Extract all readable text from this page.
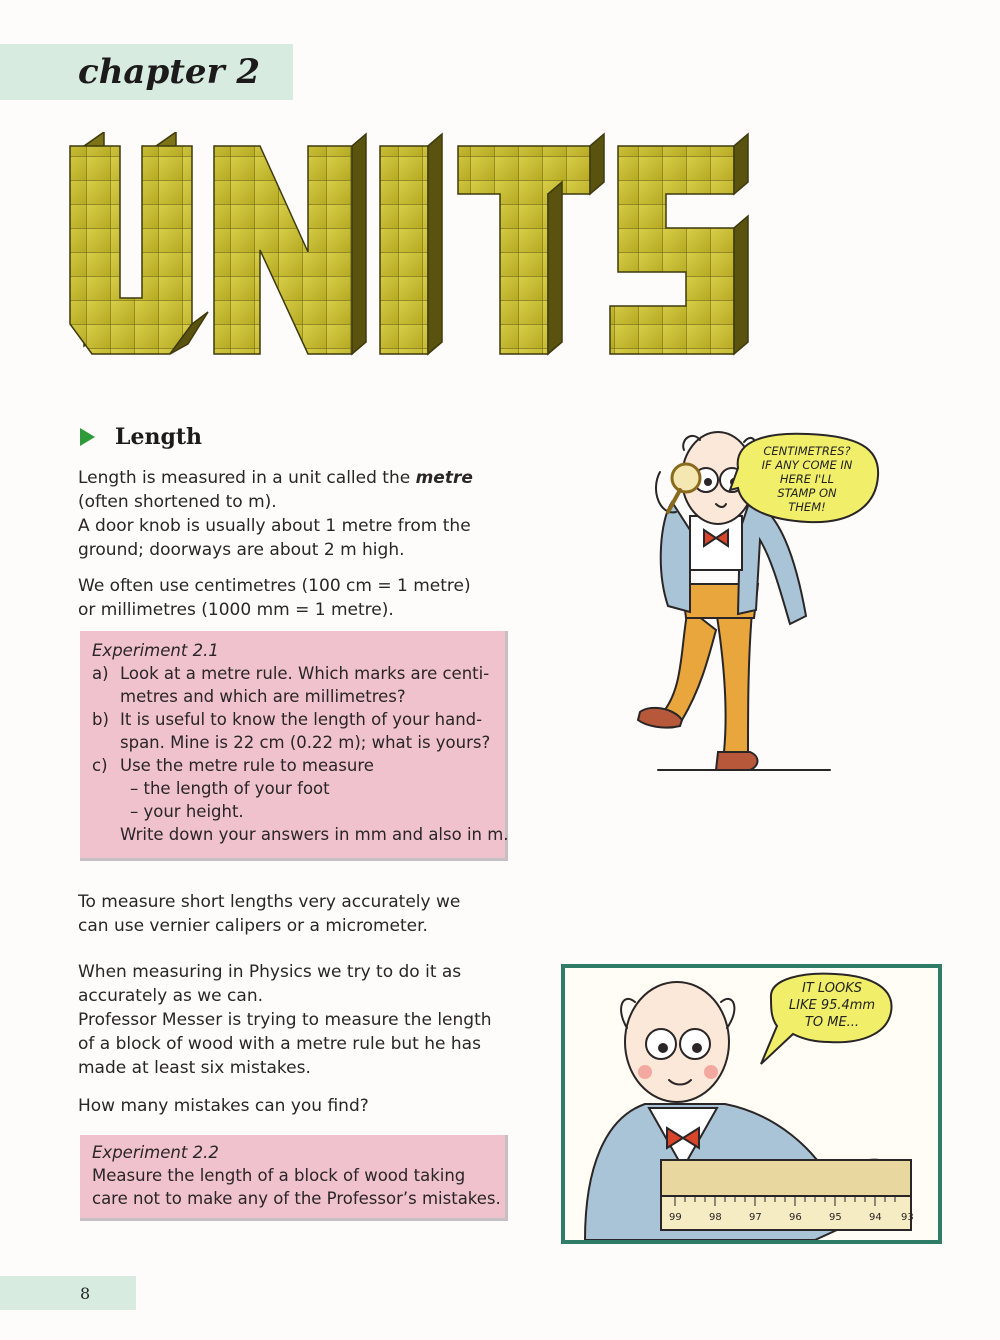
chapter 2
Length

Length is measured in a unit called the metre
(often shortened to m).
A door knob is usually about 1 metre from the
ground; doorways are about 2 m high.

We often use centimetres (100 cm = 1 metre)
or millimetres (1000 mm = 1 metre).

Experiment 2.1
a) Look at a metre rule. Which marks are centi-
metres and which are millimetres?
b) It is useful to know the length of your hand-
span. Mine is 22 cm (0.22 m); what is yours?
c) Use the metre rule to measure
– the length of your foot
– your height.
Write down your answers in mm and also in m.

To measure short lengths very accurately we
can use vernier calipers or a micrometer.

When measuring in Physics we try to do it as
accurately as we can.
Professor Messer is trying to measure the length
of a block of wood with a metre rule but he has
made at least six mistakes.

How many mistakes can you find?

Experiment 2.2
Measure the length of a block of wood taking
care not to make any of the Professor’s mistakes.
CENTIMETRES?
IF ANY COME IN
HERE I'LL
STAMP ON
THEM!
99	98	97	96	95	94 93
IT LOOKS
LIKE 95.4mm
TO ME...
8
